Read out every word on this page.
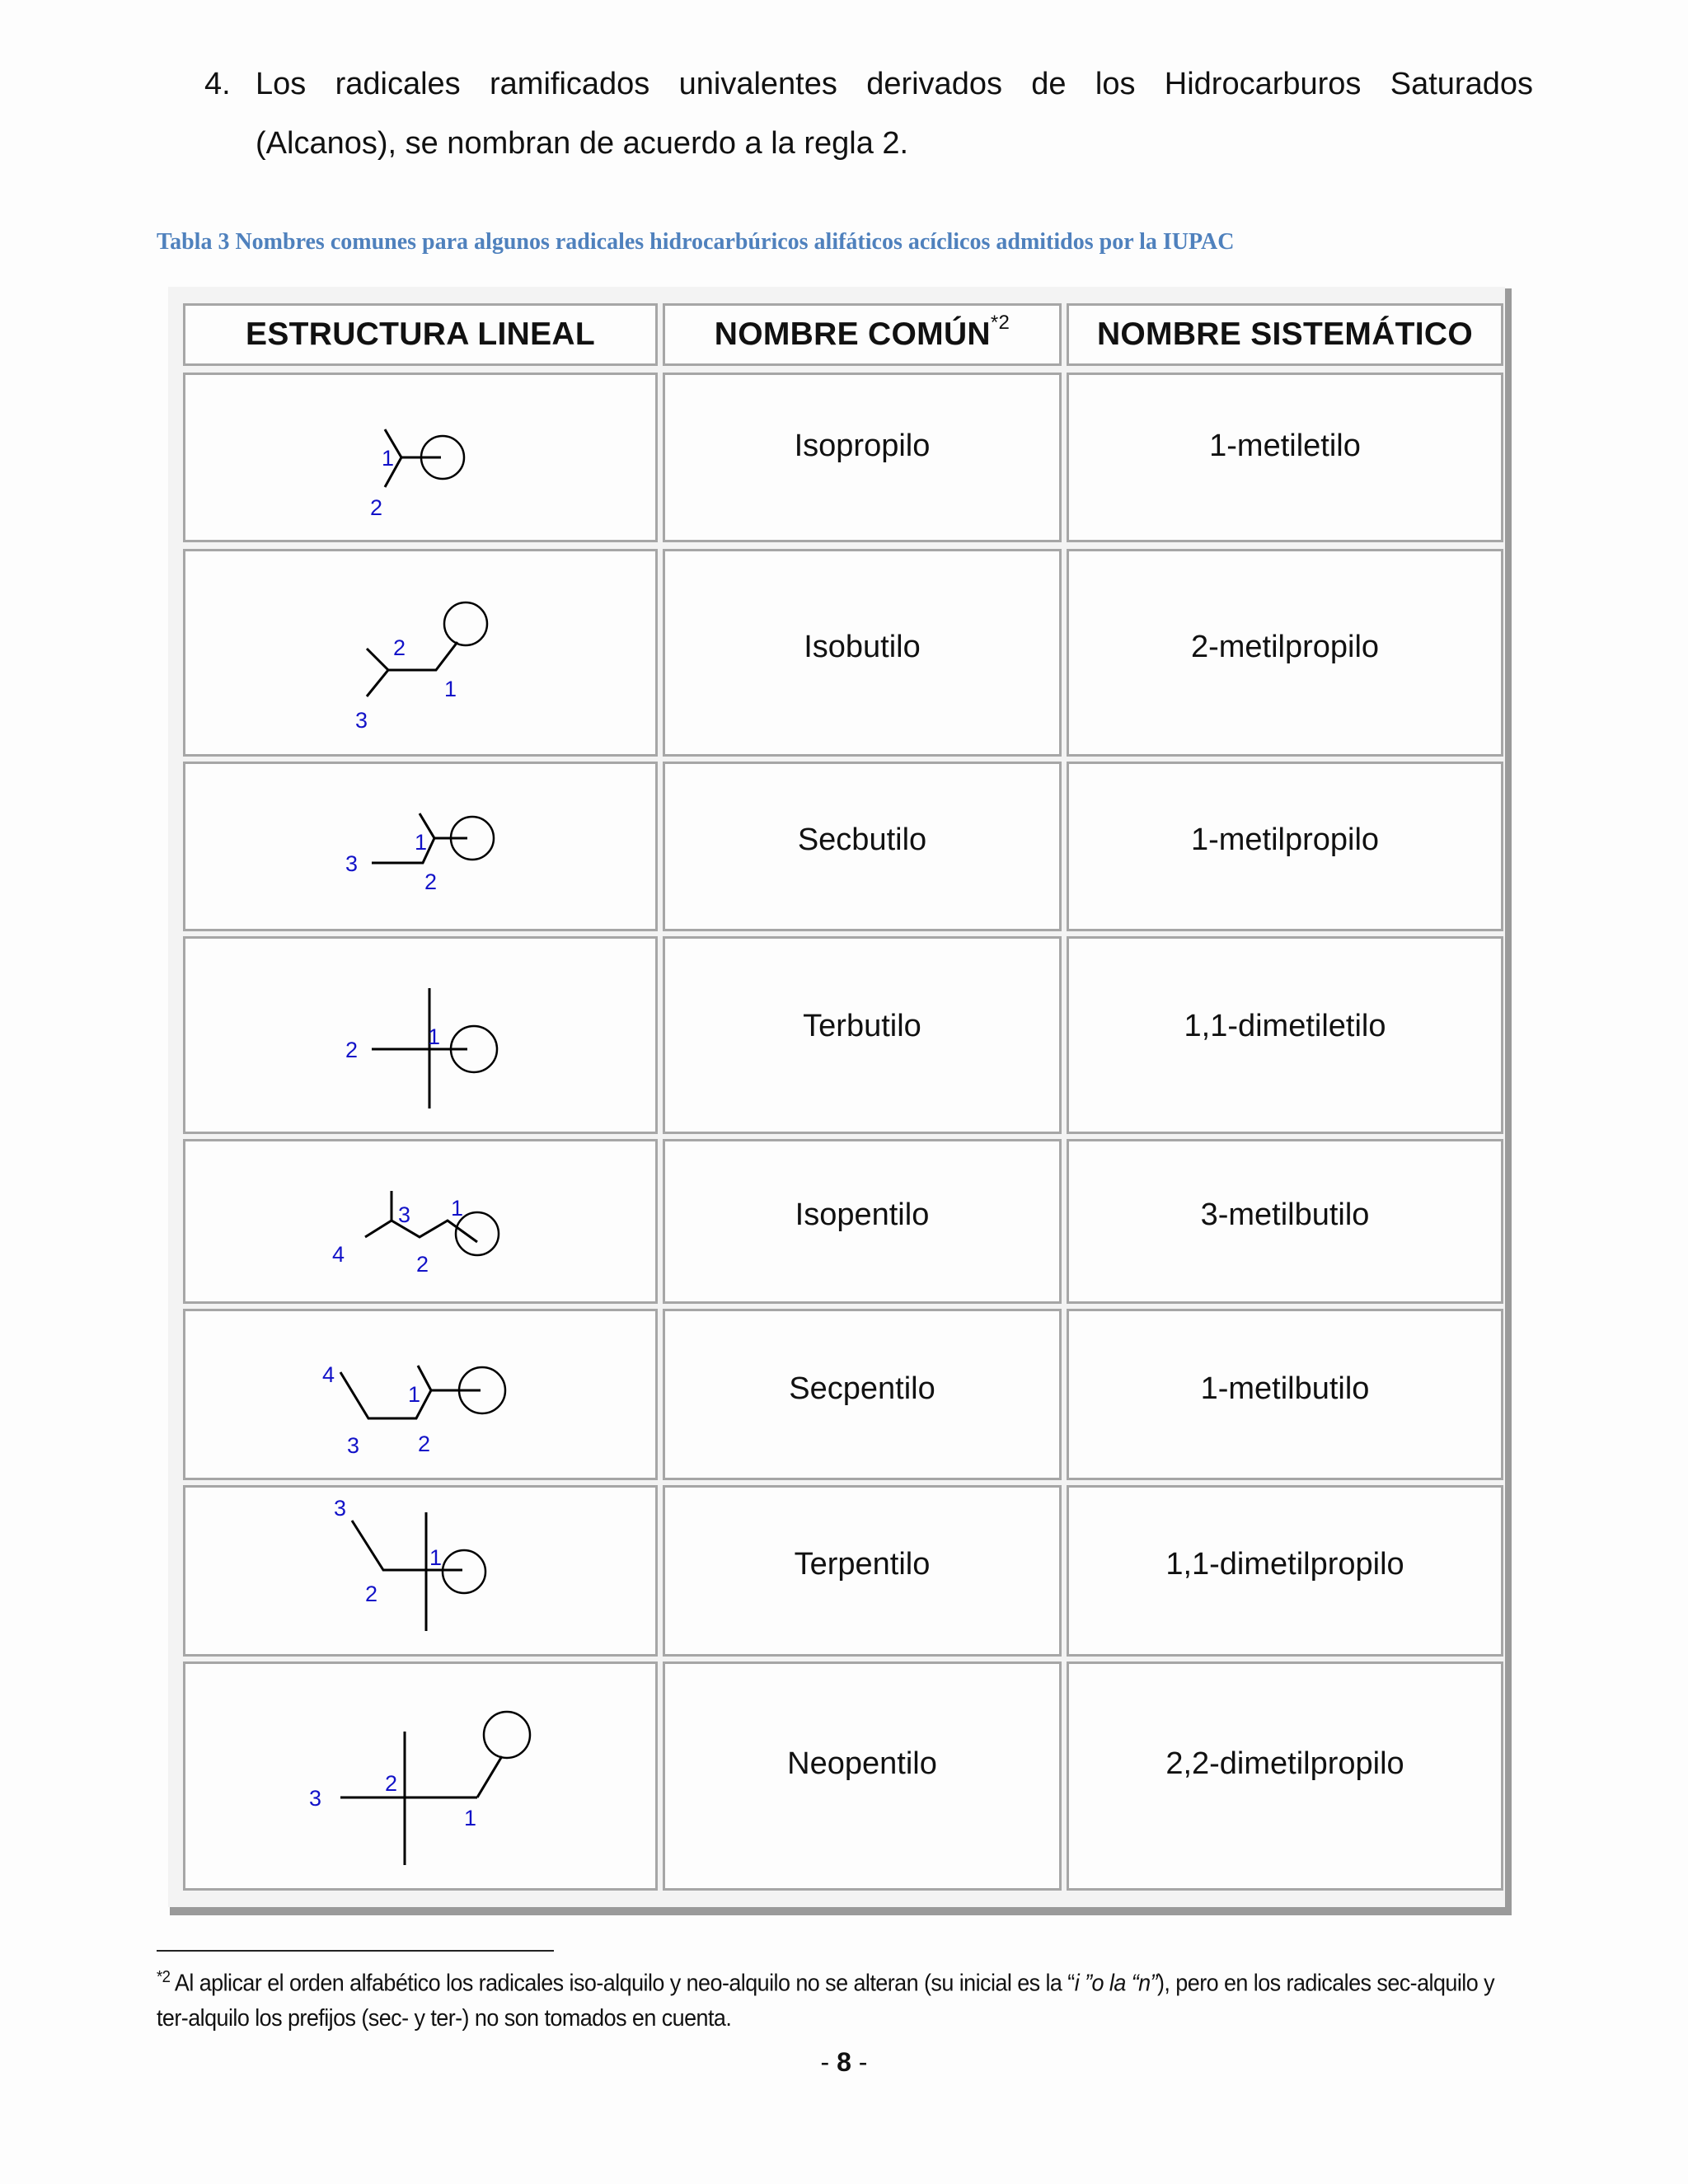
4. Los radicales ramificados univalentes derivados de los Hidrocarburos Saturados
(Alcanos), se nombran de acuerdo a la regla 2.
Tabla 3 Nombres comunes para algunos radicales hidrocarbúricos alifáticos acíclicos admitidos por la IUPAC
ESTRUCTURA LINEAL	NOMBRE COMÚN$^{*2}$	NOMBRE SISTEMÁTICO
1
2
Isopropilo	1-metiletilo
2
1
3
Isobutilo	2-metilpropilo
1
3
2
Secbutilo	1-metilpropilo
2
1	Terbutilo	1,1-dimetiletilo
3 1
4	2
Isopentilo	3-metilbutilo
4
1
3	2
Secpentilo	1-metilbutilo
3
1
2
Terpentilo	1,1-dimetilpropilo
2
3
1
Neopentilo	2,2-dimetilpropilo
$^{*2}$ Al aplicar el orden alfabético los radicales iso-alquilo y neo-alquilo no se alteran (su inicial es la “i ”o la “n”), pero en los radicales sec-alquilo y ter-alquilo los prefijos (sec- y ter-) no son tomados en cuenta.
- 8 -
